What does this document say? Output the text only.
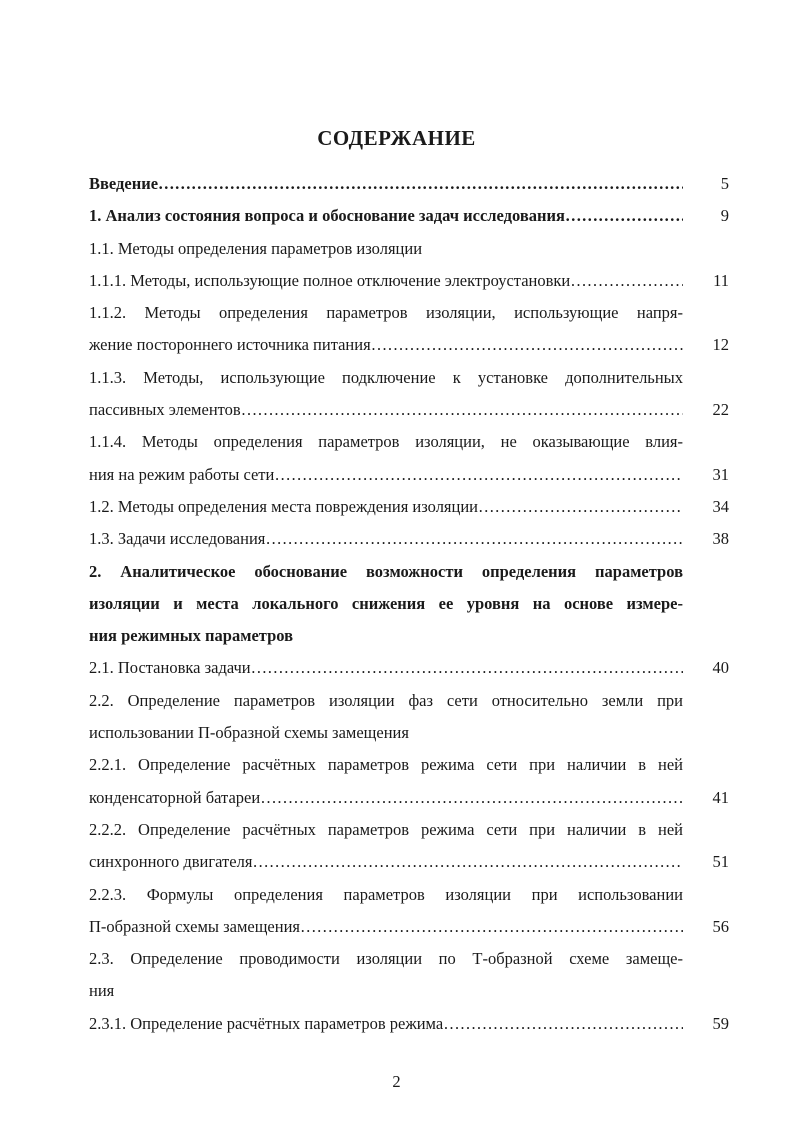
СОДЕРЖАНИЕ
Введение ……………………………………………………………………………………………………………………………………………………	5
1. Анализ состояния вопроса и обоснование задач исследования ……………………………………………………………………………………………………………………………………………………	9
1.1. Методы определения параметров изоляции
1.1.1. Методы, использующие полное отключение электроустановки ……………………………………………………………………………………………………………………………………………………	11
1.1.2. Методы определения параметров изоляции, использующие напря-
жение постороннего источника питания ……………………………………………………………………………………………………………………………………………………	12
1.1.3. Методы, использующие подключение к установке дополнительных
пассивных элементов ……………………………………………………………………………………………………………………………………………………	22
1.1.4. Методы определения параметров изоляции, не оказывающие влия-
ния на режим работы сети ……………………………………………………………………………………………………………………………………………………	31
1.2. Методы определения места повреждения изоляции ……………………………………………………………………………………………………………………………………………………	34
1.3. Задачи исследования ……………………………………………………………………………………………………………………………………………………	38
2. Аналитическое обоснование возможности определения параметров
изоляции и места локального снижения ее уровня на основе измере-
ния режимных параметров
2.1. Постановка задачи ……………………………………………………………………………………………………………………………………………………	40
2.2. Определение параметров изоляции фаз сети относительно земли при
использовании П-образной схемы замещения
2.2.1. Определение расчётных параметров режима сети при наличии в ней
конденсаторной батареи ……………………………………………………………………………………………………………………………………………………	41
2.2.2. Определение расчётных параметров режима сети при наличии в ней
синхронного двигателя ……………………………………………………………………………………………………………………………………………………	51
2.2.3. Формулы определения параметров изоляции при использовании
П-образной схемы замещения ……………………………………………………………………………………………………………………………………………………	56
2.3. Определение проводимости изоляции по Т-образной схеме замеще-
ния
2.3.1. Определение расчётных параметров режима ……………………………………………………………………………………………………………………………………………………	59
2
